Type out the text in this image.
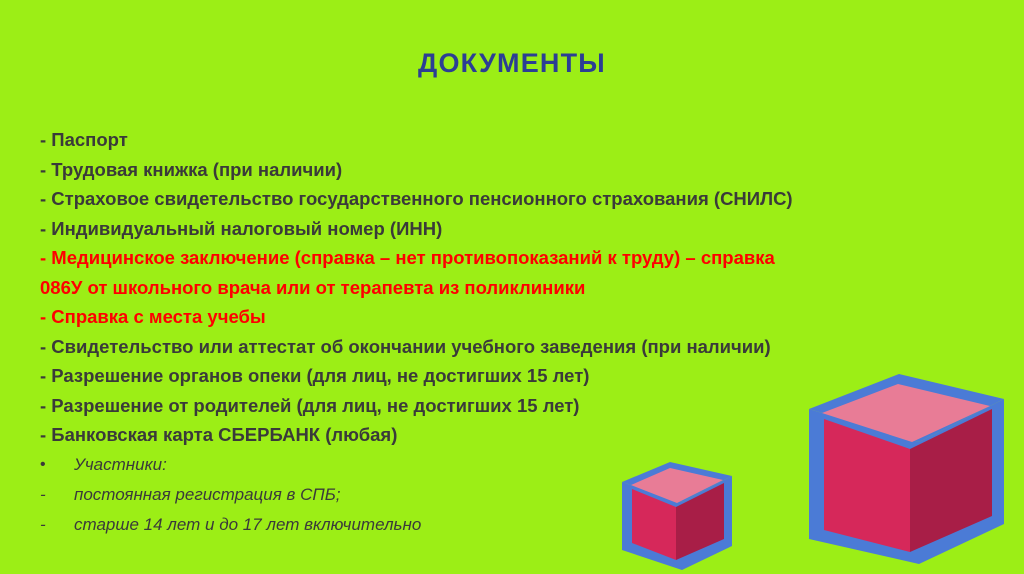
ДОКУМЕНТЫ
- Паспорт
- Трудовая книжка (при наличии)
- Страховое свидетельство государственного пенсионного страхования (СНИЛС)
- Индивидуальный налоговый номер (ИНН)
- Медицинское заключение (справка – нет противопоказаний к труду) – справка
086У от школьного врача или от терапевта из поликлиники
- Справка с места учебы
- Свидетельство или аттестат об окончании учебного заведения (при наличии)
- Разрешение органов опеки (для лиц, не достигших 15 лет)
- Разрешение от родителей (для лиц, не достигших 15 лет)
- Банковская карта СБЕРБАНК (любая)
•	Участники:
-	постоянная регистрация в СПБ;
-	старше 14 лет и до 17 лет включительно
